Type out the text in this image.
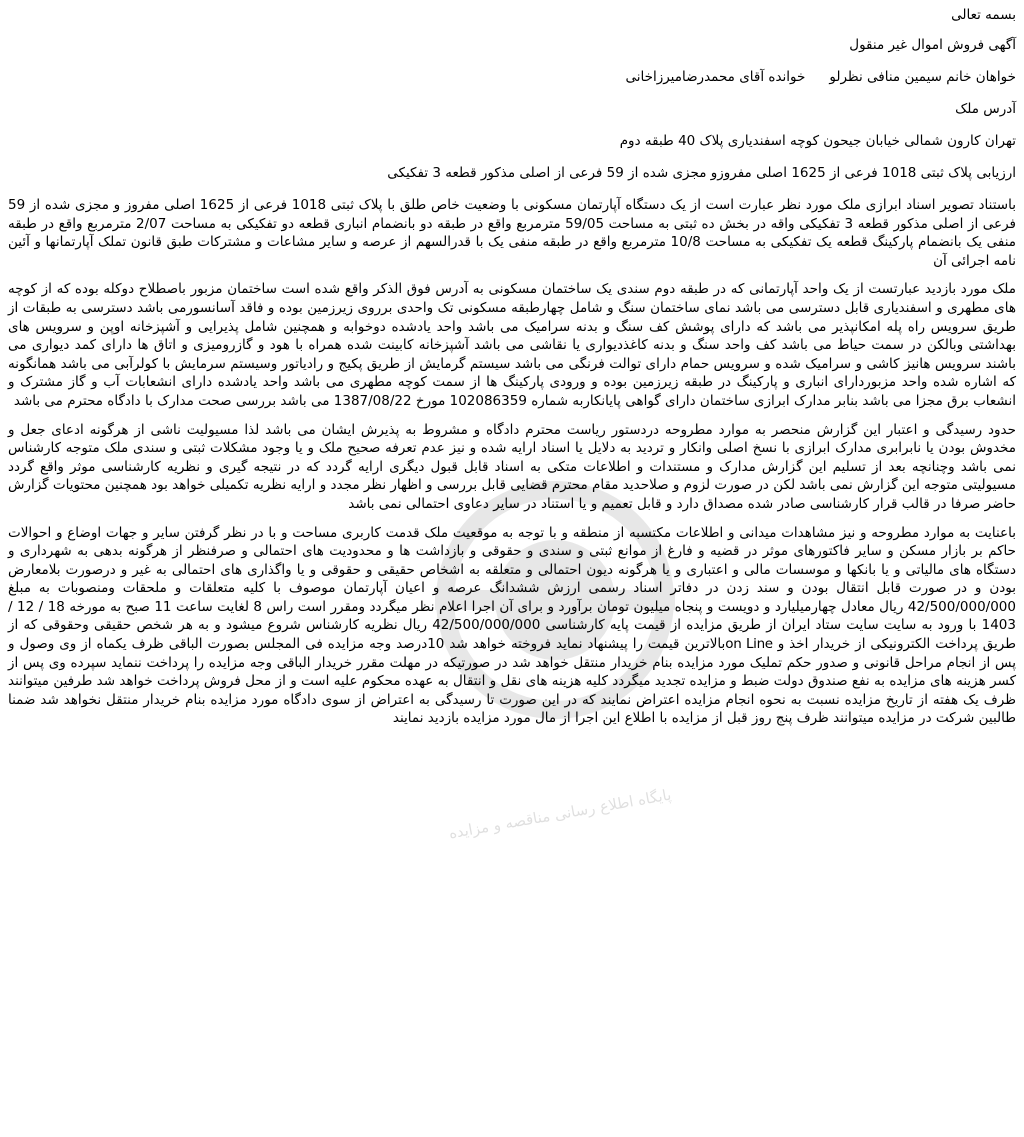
پایگاه اطلاع رسانی مناقصه و مزایده

بسمه تعالی

آگهی فروش اموال غیر منقول

خواهان خانم سیمین منافی نظرلو
خوانده آقای محمدرضامیرزاخانی

آدرس ملک

تهران کارون شمالی خیابان جیحون کوچه اسفندیاری پلاک 40 طبقه دوم

ارزیابی پلاک ثبتی 1018 فرعی از 1625 اصلی مفروزو مجزی شده از 59 فرعی از اصلی مذکور قطعه 3 تفکیکی

باستناد تصویر اسناد ابرازی ملک مورد نظر عبارت است از یک دستگاه آپارتمان مسکونی با وضعیت خاص طلق با پلاک ثبتی 1018 فرعی از 1625 اصلی مفروز و مجزی شده از 59 فرعی از اصلی مذکور قطعه 3 تفکیکی واقه در بخش ده ثبتی به مساحت 59/05 مترمربع واقع در طبقه دو بانضمام انباری قطعه دو تفکیکی به مساحت 2/07 مترمربع واقع در طبقه منفی یک بانضمام پارکینگ قطعه یک تفکیکی به مساحت 10/8 مترمربع واقع در طبقه منفی یک با قدرالسهم از عرصه و سایر مشاعات و مشترکات طبق قانون تملک آپارتمانها و آئین نامه اجرائی آن

ملک مورد بازدید عبارتست از یک واحد آپارتمانی که در طبقه دوم سندی یک ساختمان مسکونی به آدرس فوق الذکر واقع شده است ساختمان مزبور باصطلاح دوکله بوده که از کوچه های مطهری و اسفندیاری قابل دسترسی می باشد نمای ساختمان سنگ و شامل چهارطبقه مسکونی تک واحدی برروی زیرزمین بوده و فاقد آسانسورمی باشد دسترسی به طبقات از طریق سرویس راه پله امکانپذیر می باشد که دارای پوشش کف سنگ و بدنه سرامیک می باشد واحد یادشده دوخوابه و همچنین شامل پذیرایی و آشپزخانه اوپن و سرویس های بهداشتی وبالکن در سمت حیاط می باشد کف واحد سنگ و بدنه کاغذدیواری یا نقاشی می باشد آشپزخانه کابینت شده همراه با هود و گازرومیزی و اتاق ها دارای کمد دیواری می باشند سرویس هانیز کاشی و سرامیک شده و سرویس حمام دارای توالت فرنگی می باشد سیستم گرمایش از طریق پکیج و رادیاتور وسیستم سرمایش با کولرآبی می باشد همانگونه که اشاره شده واحد مزبوردارای انباری و پارکینگ در طبقه زیرزمین بوده و ورودی پارکینگ ها از سمت کوچه مطهری می باشد واحد یادشده دارای انشعابات آب و گاز مشترک و انشعاب برق مجزا می باشد بنابر مدارک ابرازی ساختمان دارای گواهی پایانکاربه شماره 102086359 مورخ 1387/08/22 می باشد بررسی صحت مدارک با دادگاه محترم می باشد

حدود رسیدگی و اعتبار این گزارش منحصر به موارد مطروحه دردستور ریاست محترم دادگاه و مشروط به پذیرش ایشان می باشد لذا مسیولیت ناشی از هرگونه ادعای جعل و مخدوش بودن یا نابرابری مدارک ابرازی با نسخ اصلی وانکار و تردید به دلایل یا اسناد ارایه شده و نیز عدم تعرفه صحیح ملک و یا وجود مشکلات ثبتی و سندی ملک متوجه کارشناس نمی باشد وچنانچه بعد از تسلیم این گزارش مدارک و مستندات و اطلاعات متکی به اسناد قابل قبول دیگری ارایه گردد که در نتیجه گیری و نظریه کارشناسی موثر واقع گردد مسیولیتی متوجه این گزارش نمی باشد لکن در صورت لزوم و صلاحدید مقام محترم قضایی قابل بررسی و اظهار نظر مجدد و ارایه نظریه تکمیلی خواهد بود همچنین محتویات گزارش حاضر صرفا در قالب قرار کارشناسی صادر شده مصداق دارد و قابل تعمیم و یا استناد در سایر دعاوی احتمالی نمی باشد

باعنایت به موارد مطروحه و نیز مشاهدات میدانی و اطلاعات مکتسبه از منطقه و با توجه به موقعیت ملک قدمت کاربری مساحت و با در نظر گرفتن سایر و جهات اوضاع و احوالات حاکم بر بازار مسکن و سایر فاکتورهای موثر در قضیه و فارغ از موانع ثبتی و سندی و حقوقی و بازداشت ها و محدودیت های احتمالی و صرفنظر از هرگونه بدهی به شهرداری و دستگاه های مالیاتی و یا بانکها و موسسات مالی و اعتباری و یا هرگونه دیون احتمالی و متعلقه به اشخاص حقیقی و حقوقی و یا واگذاری های احتمالی به غیر و درصورت بلامعارض بودن و در صورت قابل انتقال بودن و سند زدن در دفاتر اسناد رسمی ارزش ششدانگ عرصه و اعیان آپارتمان موصوف با کلیه متعلقات و ملحقات ومنصوبات به مبلغ 42/500/000/000 ریال معادل چهارمیلیارد و دویست و پنجاه میلیون تومان برآورد و برای آن اجرا اعلام نظر میگردد ومقرر است راس 8 لغایت ساعت 11 صبح به مورخه 18 / 12 / 1403 با ورود به سایت سایت ستاد ایران از طریق مزایده از قیمت پایه کارشناسی 42/500/000/000 ریال نظریه کارشناس شروع میشود و به هر شخص حقیقی وحقوقی که از طریق پرداخت الکترونیکی از خریدار اخذ و on Lineبالاترین قیمت را پیشنهاد نماید فروخته خواهد شد 10درصد وجه مزایده فی المجلس بصورت الباقی ظرف یکماه از وی وصول و پس از انجام مراحل قانونی و صدور حکم تملیک مورد مزایده بنام خریدار منتقل خواهد شد در صورتیکه در مهلت مقرر خریدار الباقی وجه مزایده را پرداخت ننماید سپرده وی پس از کسر هزینه های مزایده به نفع صندوق دولت ضبط و مزایده تجدید میگردد کلیه هزینه های نقل و انتقال به عهده محکوم علیه است و از محل فروش پرداخت خواهد شد طرفین میتوانند ظرف یک هفته از تاریخ مزایده نسبت به نحوه انجام مزایده اعتراض نمایند که در این صورت تا رسیدگی به اعتراض از سوی دادگاه مورد مزایده بنام خریدار منتقل نخواهد شد ضمنا طالبین شرکت در مزایده میتوانند ظرف پنج روز قبل از مزایده با اطلاع این اجرا از مال مورد مزایده بازدید نمایند
